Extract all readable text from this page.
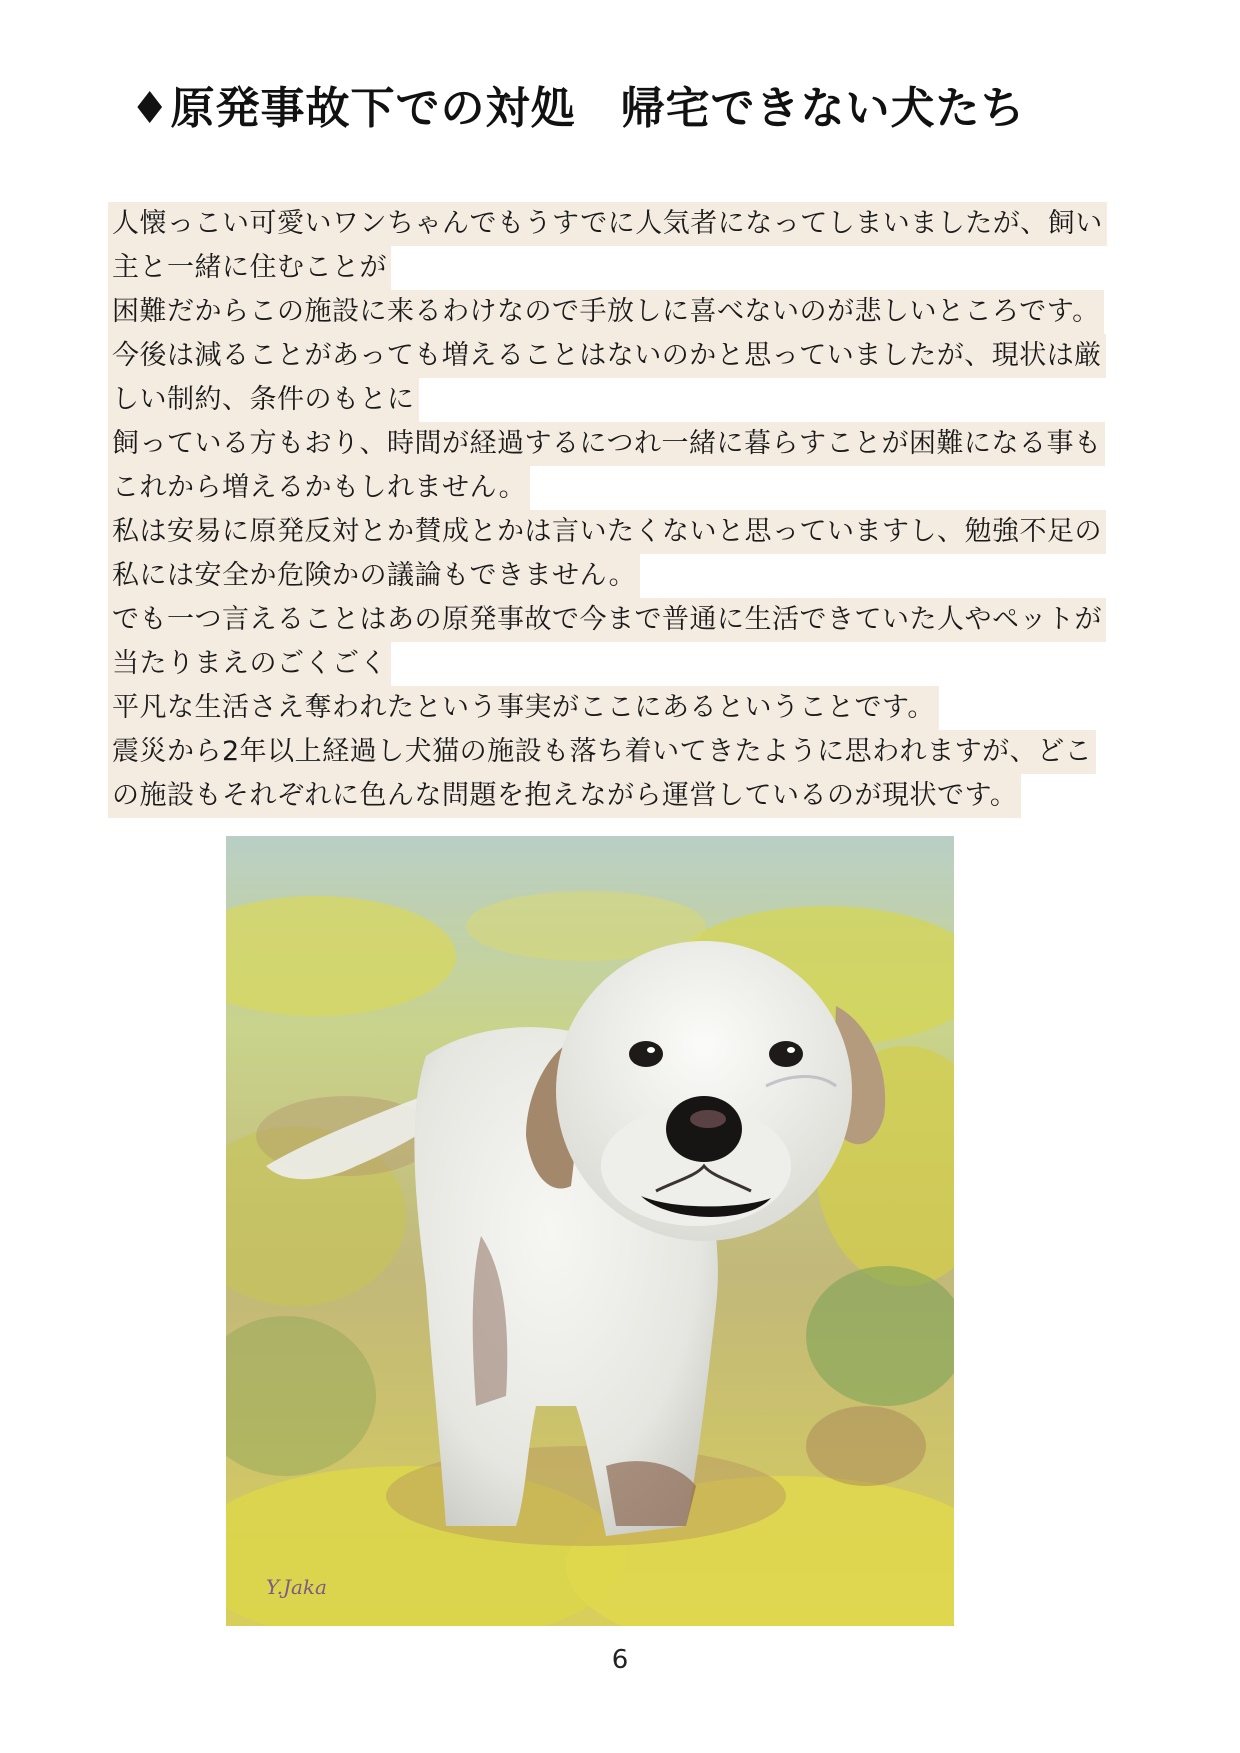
♦原発事故下での対処　帰宅できない犬たち
人懐っこい可愛いワンちゃんでもうすでに人気者になってしまいましたが、飼い
主と一緒に住むことが
困難だからこの施設に来るわけなので手放しに喜べないのが悲しいところです。
今後は減ることがあっても増えることはないのかと思っていましたが、現状は厳
しい制約、条件のもとに
飼っている方もおり、時間が経過するにつれ一緒に暮らすことが困難になる事も
これから増えるかもしれません。
私は安易に原発反対とか賛成とかは言いたくないと思っていますし、勉強不足の
私には安全か危険かの議論もできません。
でも一つ言えることはあの原発事故で今まで普通に生活できていた人やペットが
当たりまえのごくごく
平凡な生活さえ奪われたという事実がここにあるということです。
震災から2年以上経過し犬猫の施設も落ち着いてきたように思われますが、どこ
の施設もそれぞれに色んな問題を抱えながら運営しているのが現状です。
Y.Jaka
6
